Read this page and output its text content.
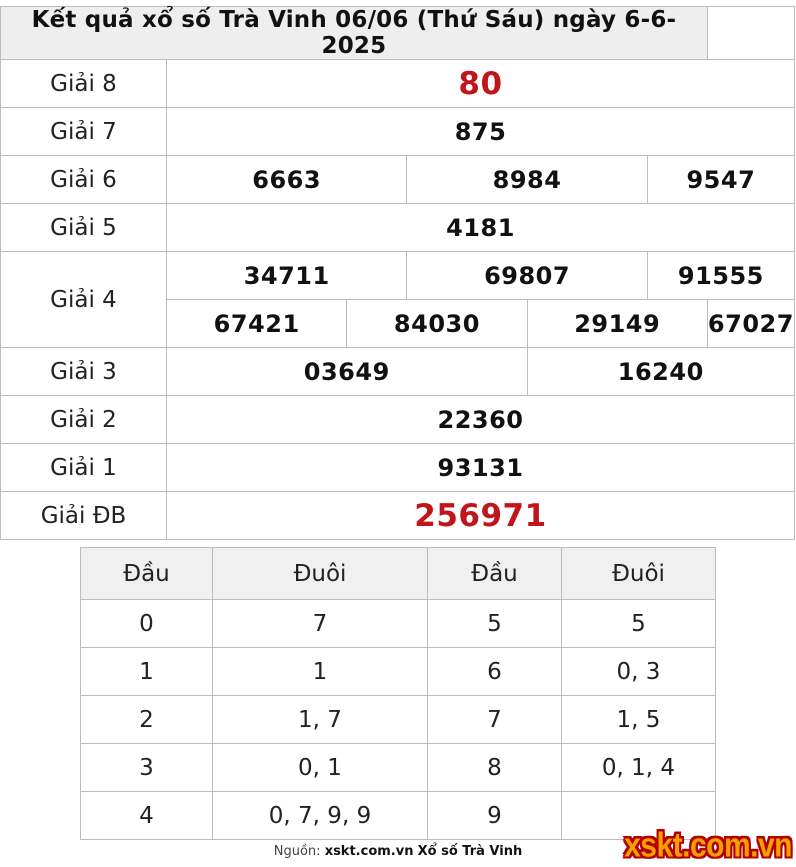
Kết quả xổ số Trà Vinh 06/06 (Thứ Sáu) ngày 6-6-2025										
Giải 8	80									
Giải 7	875									
Giải 6	6663				8984				9547	
Giải 5	4181									
Giải 4	34711				69807				91555	
	67421			84030			29149			67027
Giải 3	03649						16240			
Giải 2	22360									
Giải 1	93131									
Giải ĐB	256971									

Đầu	Đuôi	Đầu	Đuôi
0	7	5	5
1	1	6	0, 3
2	1, 7	7	1, 5
3	0, 1	8	0, 1, 4
4	0, 7, 9, 9	9	
Nguồn: xskt.com.vn Xổ số Trà Vinh	xskt.com.vn
